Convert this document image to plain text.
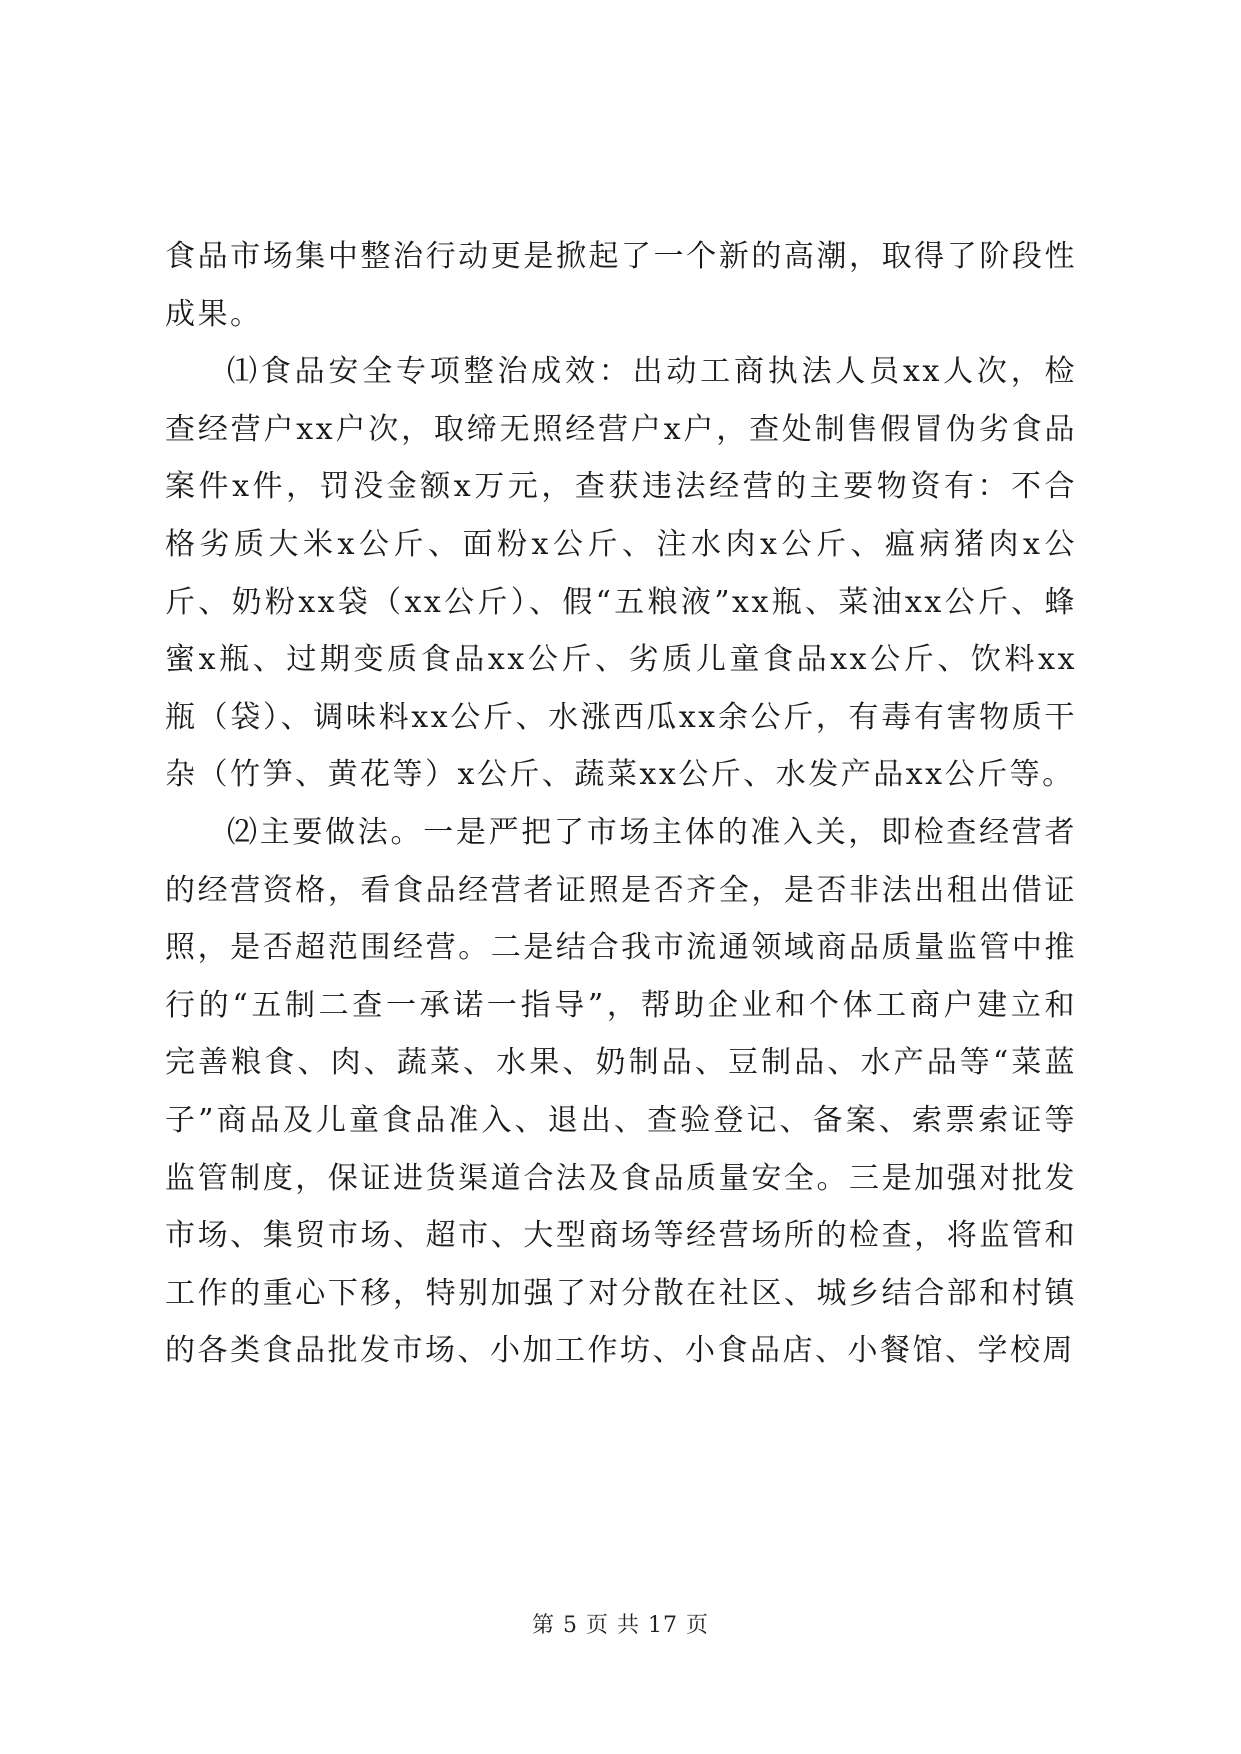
食品市场集中整治行动更是掀起了一个新的高潮，取得了阶段性成果。

⑴食品安全专项整治成效：出动工商执法人员xx人次，检查经营户xx户次，取缔无照经营户x户，查处制售假冒伪劣食品案件x件，罚没金额x万元，查获违法经营的主要物资有：不合格劣质大米x公斤、面粉x公斤、注水肉x公斤、瘟病猪肉x公斤、奶粉xx袋（xx公斤）、假“五粮液”xx瓶、菜油xx公斤、蜂蜜x瓶、过期变质食品xx公斤、劣质儿童食品xx公斤、饮料xx瓶（袋）、调味料xx公斤、水涨西瓜xx余公斤，有毒有害物质干杂（竹笋、黄花等）x公斤、蔬菜xx公斤、水发产品xx公斤等。

⑵主要做法。一是严把了市场主体的准入关，即检查经营者的经营资格，看食品经营者证照是否齐全，是否非法出租出借证照，是否超范围经营。二是结合我市流通领域商品质量监管中推行的“五制二查一承诺一指导”，帮助企业和个体工商户建立和完善粮食、肉、蔬菜、水果、奶制品、豆制品、水产品等“菜蓝子”商品及儿童食品准入、退出、查验登记、备案、索票索证等监管制度，保证进货渠道合法及食品质量安全。三是加强对批发市场、集贸市场、超市、大型商场等经营场所的检查，将监管和工作的重心下移，特别加强了对分散在社区、城乡结合部和村镇的各类食品批发市场、小加工作坊、小食品店、小餐馆、学校周

第 5 页 共 17 页
